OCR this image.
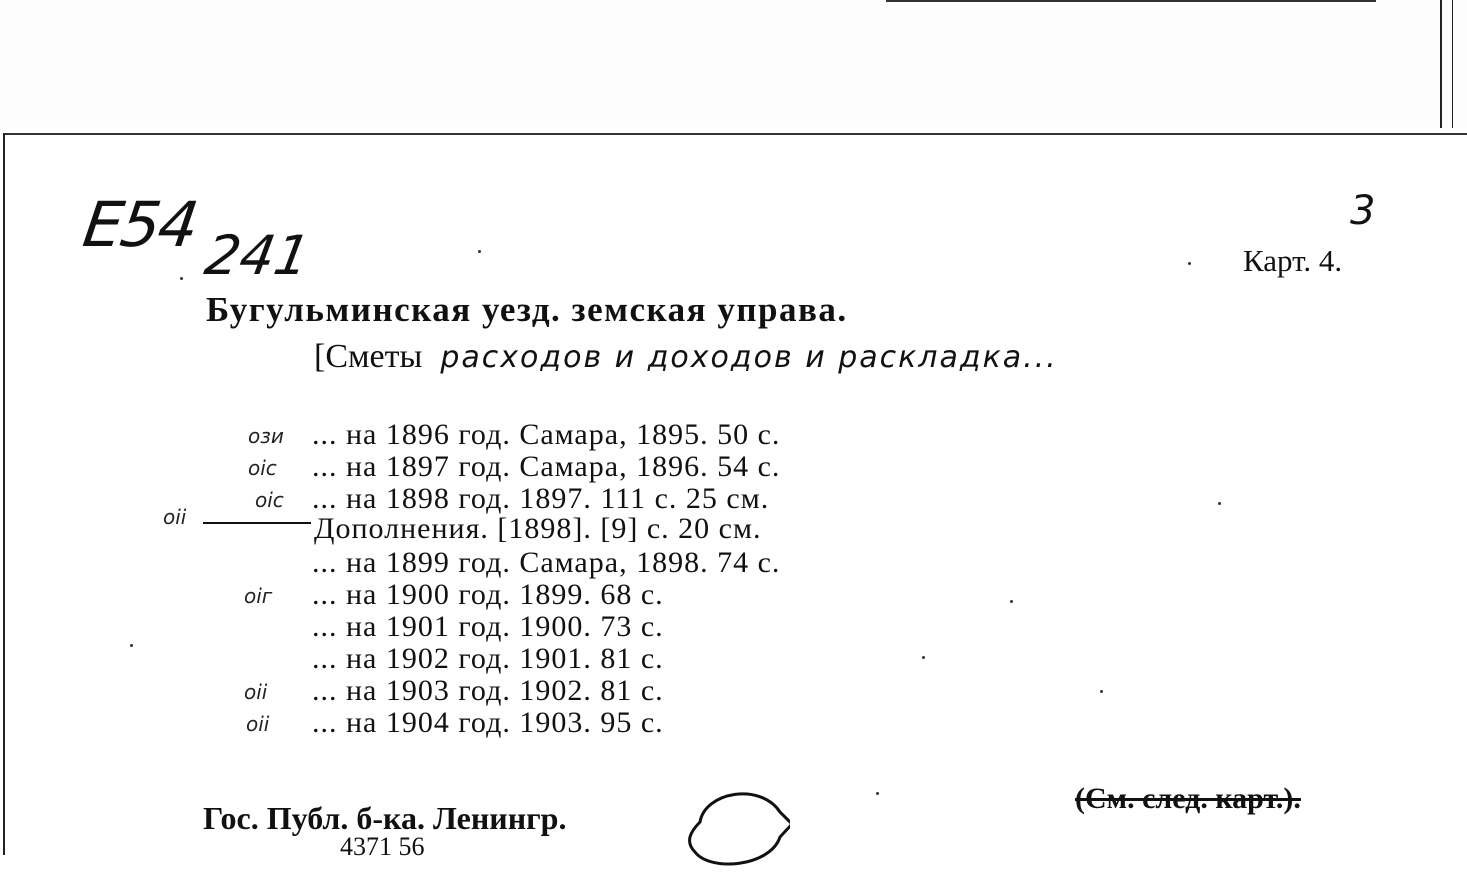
E54 241
3
Карт. 4.
Бугульминская уезд. земская управа.
[Сметы расходов и доходов и раскладка...
ози ... на 1896 год. Самара, 1895. 50 с.
оіс ... на 1897 год. Самара, 1896. 54 с.
оіс ... на 1898 год. 1897. 111 с. 25 см.
оіі	Дополнения. [1898]. [9] с. 20 см.
... на 1899 год. Самара, 1898. 74 с.
оіг ... на 1900 год. 1899. 68 с.
... на 1901 год. 1900. 73 с.
... на 1902 год. 1901. 81 с.
оіі ... на 1903 год. 1902. 81 с.
оіі ... на 1904 год. 1903. 95 с.
Гос. Публ. б-ка. Ленингр.
4371 56
(См. след. карт.).
